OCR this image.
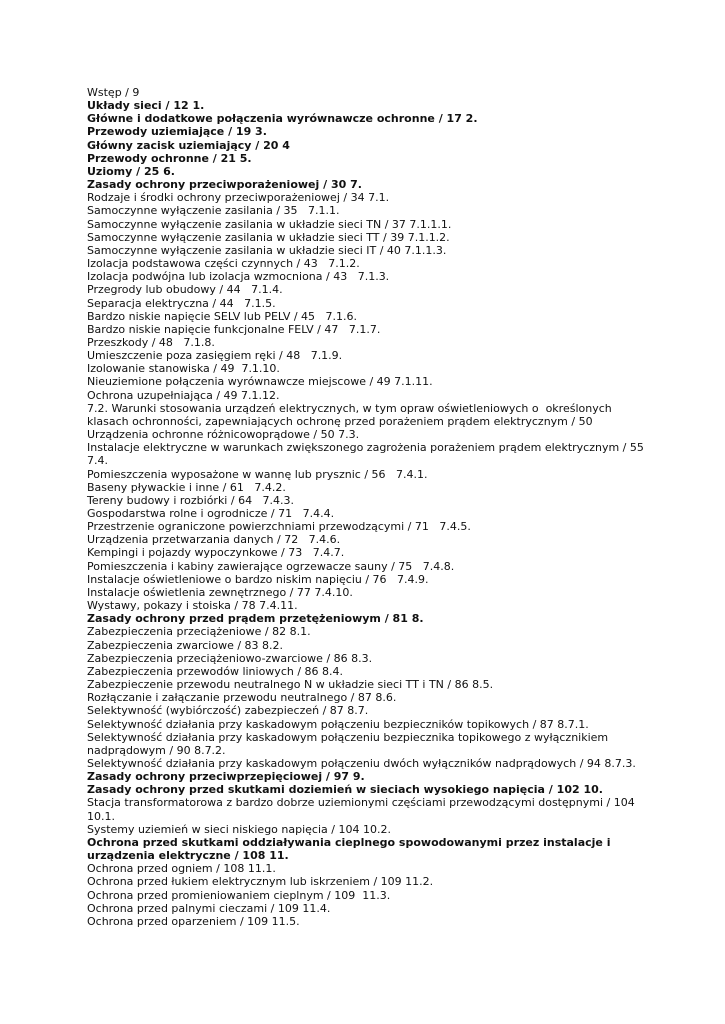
Wstęp / 9

Układy sieci / 12 1.

Główne i dodatkowe połączenia wyrównawcze ochronne / 17 2.

Przewody uziemiające / 19 3.

Główny zacisk uziemiający / 20 4

Przewody ochronne / 21 5.

Uziomy / 25 6.

Zasady ochrony przeciwporażeniowej / 30 7.

Rodzaje i środki ochrony przeciwporażeniowej / 34 7.1.

Samoczynne wyłączenie zasilania / 35   7.1.1.

Samoczynne wyłączenie zasilania w układzie sieci TN / 37 7.1.1.1.

Samoczynne wyłączenie zasilania w układzie sieci TT / 39 7.1.1.2.

Samoczynne wyłączenie zasilania w układzie sieci IT / 40 7.1.1.3.

Izolacja podstawowa części czynnych / 43   7.1.2.

Izolacja podwójna lub izolacja wzmocniona / 43   7.1.3.

Przegrody lub obudowy / 44   7.1.4.

Separacja elektryczna / 44   7.1.5.

Bardzo niskie napięcie SELV lub PELV / 45   7.1.6.

Bardzo niskie napięcie funkcjonalne FELV / 47   7.1.7.

Przeszkody / 48   7.1.8.

Umieszczenie poza zasięgiem ręki / 48   7.1.9.

Izolowanie stanowiska / 49  7.1.10.

Nieuziemione połączenia wyrównawcze miejscowe / 49 7.1.11.

Ochrona uzupełniająca / 49 7.1.12.

7.2. Warunki stosowania urządzeń elektrycznych, w tym opraw oświetleniowych o  określonych klasach ochronności, zapewniających ochronę przed porażeniem prądem elektrycznym / 50

Urządzenia ochronne różnicowoprądowe / 50 7.3.

Instalacje elektryczne w warunkach zwiększonego zagrożenia porażeniem prądem elektrycznym / 55 7.4.

Pomieszczenia wyposażone w wannę lub prysznic / 56   7.4.1.

Baseny pływackie i inne / 61   7.4.2.

Tereny budowy i rozbiórki / 64   7.4.3.

Gospodarstwa rolne i ogrodnicze / 71   7.4.4.

Przestrzenie ograniczone powierzchniami przewodzącymi / 71   7.4.5.

Urządzenia przetwarzania danych / 72   7.4.6.

Kempingi i pojazdy wypoczynkowe / 73   7.4.7.

Pomieszczenia i kabiny zawierające ogrzewacze sauny / 75   7.4.8.

Instalacje oświetleniowe o bardzo niskim napięciu / 76   7.4.9.

Instalacje oświetlenia zewnętrznego / 77 7.4.10.

Wystawy, pokazy i stoiska / 78 7.4.11.

Zasady ochrony przed prądem przetężeniowym / 81 8.

Zabezpieczenia przeciążeniowe / 82 8.1.

Zabezpieczenia zwarciowe / 83 8.2.

Zabezpieczenia przeciążeniowo-zwarciowe / 86 8.3.

Zabezpieczenia przewodów liniowych / 86 8.4.

Zabezpieczenie przewodu neutralnego N w układzie sieci TT i TN / 86 8.5.

Rozłączanie i załączanie przewodu neutralnego / 87 8.6.

Selektywność (wybiórczość) zabezpieczeń / 87 8.7.

Selektywność działania przy kaskadowym połączeniu bezpieczników topikowych / 87 8.7.1.

Selektywność działania przy kaskadowym połączeniu bezpiecznika topikowego z wyłącznikiem nadprądowym / 90 8.7.2.

Selektywność działania przy kaskadowym połączeniu dwóch wyłączników nadprądowych / 94 8.7.3.

Zasady ochrony przeciwprzepięciowej / 97 9.

Zasady ochrony przed skutkami doziemień w sieciach wysokiego napięcia / 102 10.

Stacja transformatorowa z bardzo dobrze uziemionymi częściami przewodzącymi dostępnymi / 104 10.1.

Systemy uziemień w sieci niskiego napięcia / 104 10.2.

Ochrona przed skutkami oddziaływania cieplnego spowodowanymi przez instalacje i urządzenia elektryczne / 108 11.

Ochrona przed ogniem / 108 11.1.

Ochrona przed łukiem elektrycznym lub iskrzeniem / 109 11.2.

Ochrona przed promieniowaniem cieplnym / 109  11.3.

Ochrona przed palnymi cieczami / 109 11.4.

Ochrona przed oparzeniem / 109 11.5.
